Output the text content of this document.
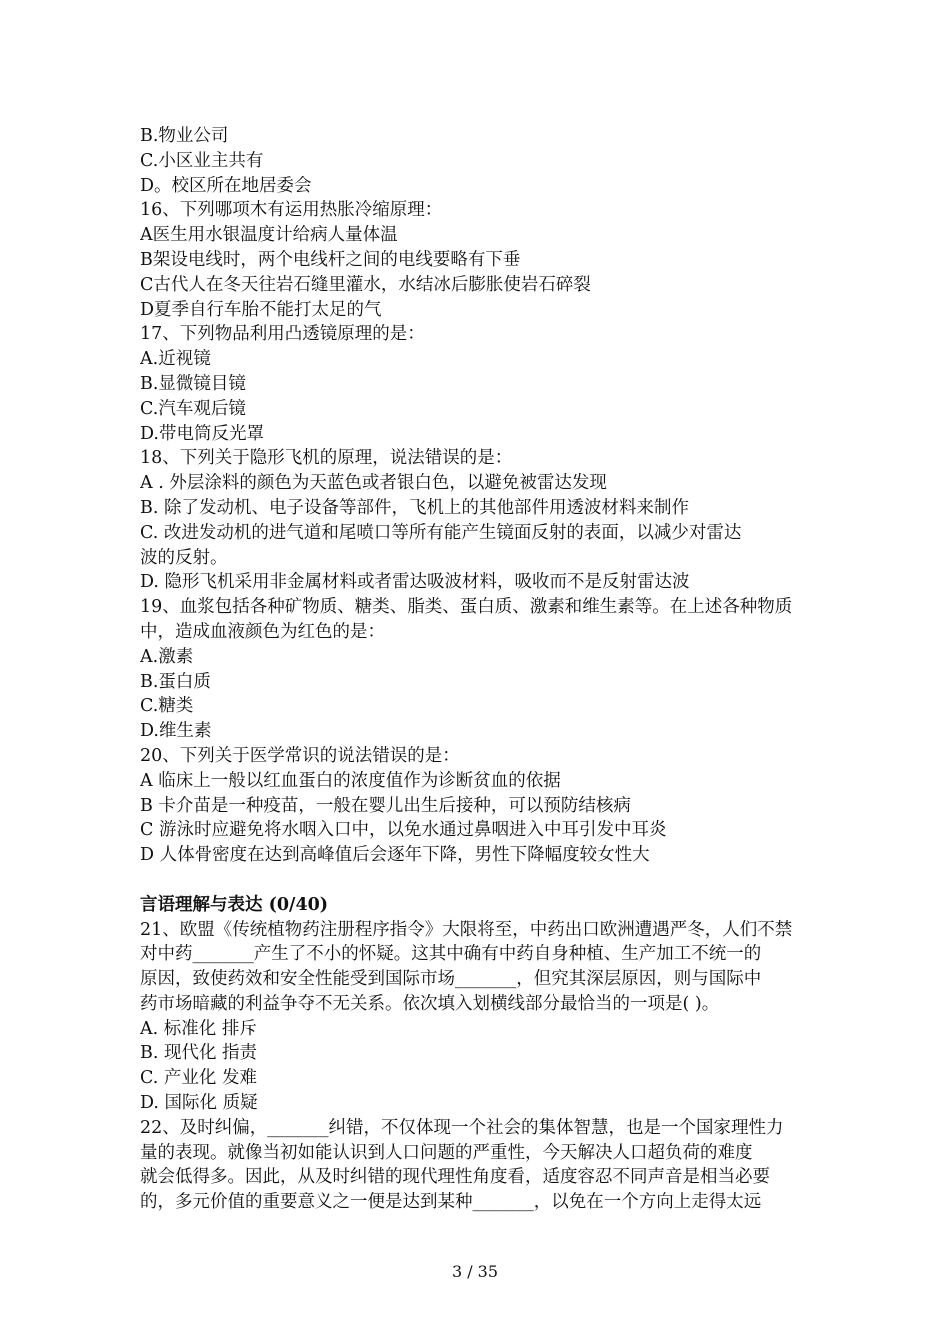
B.物业公司
C.小区业主共有
D。校区所在地居委会
16、下列哪项木有运用热胀冷缩原理：
A医生用水银温度计给病人量体温
B架设电线时，两个电线杆之间的电线要略有下垂
C古代人在冬天往岩石缝里灌水，水结冰后膨胀使岩石碎裂
D夏季自行车胎不能打太足的气
17、下列物品利用凸透镜原理的是：
A.近视镜
B.显微镜目镜
C.汽车观后镜
D.带电筒反光罩
18、下列关于隐形飞机的原理，说法错误的是：
A . 外层涂料的颜色为天蓝色或者银白色，以避免被雷达发现
B. 除了发动机、电子设备等部件，飞机上的其他部件用透波材料来制作
C. 改进发动机的进气道和尾喷口等所有能产生镜面反射的表面，以减少对雷达
波的反射。
D. 隐形飞机采用非金属材料或者雷达吸波材料，吸收而不是反射雷达波
19、血浆包括各种矿物质、糖类、脂类、蛋白质、激素和维生素等。在上述各种物质
中，造成血液颜色为红色的是：
A.激素
B.蛋白质
C.糖类
D.维生素
20、下列关于医学常识的说法错误的是：
A 临床上一般以红血蛋白的浓度值作为诊断贫血的依据
B 卡介苗是一种疫苗，一般在婴儿出生后接种，可以预防结核病
C 游泳时应避免将水咽入口中，以免水通过鼻咽进入中耳引发中耳炎
D 人体骨密度在达到高峰值后会逐年下降，男性下降幅度较女性大
言语理解与表达 (0/40)
21、欧盟《传统植物药注册程序指令》大限将至，中药出口欧洲遭遇严冬，人们不禁
对中药_______产生了不小的怀疑。这其中确有中药自身种植、生产加工不统一的
原因，致使药效和安全性能受到国际市场_______，但究其深层原因，则与国际中
药市场暗藏的利益争夺不无关系。依次填入划横线部分最恰当的一项是( )。
A. 标准化 排斥
B. 现代化 指责
C. 产业化 发难
D. 国际化 质疑
22、及时纠偏，_______纠错，不仅体现一个社会的集体智慧，也是一个国家理性力
量的表现。就像当初如能认识到人口问题的严重性，今天解决人口超负荷的难度
就会低得多。因此，从及时纠错的现代理性角度看，适度容忍不同声音是相当必要
的，多元价值的重要意义之一便是达到某种_______，以免在一个方向上走得太远
3 / 35
